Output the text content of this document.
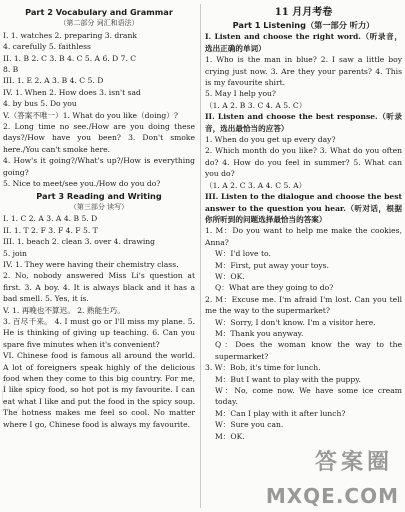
Part 2 Vocabulary and Grammar
（第二部分 词汇和语法）
I. 1. watches 2. preparing 3. drank
4. carefully 5. faithless
II. 1. B 2. C 3. B 4. C 5. A 6. D 7. C
8. B
III. 1. E 2. A 3. B 4. C 5. D
IV. 1. When 2. How does 3. isn't sad
4. by bus 5. Do you
V.（答案不唯一）1. What do you like（doing）?
2. Long time no see./How are you doing these days?/How have you been? 3. Don't smoke here./You can't smoke here.
4. How's it going?/What's up?/How is everything going?
5. Nice to meet/see you./How do you do?
Part 3 Reading and Writing
（第三部分 读写）
I. 1. C 2. A 3. A 4. B 5. D
II. 1. T 2. F 3. F 4. F 5. T
III. 1. beach 2. clean 3. over 4. drawing
5. join
IV. 1. They were having their chemistry class.
2. No, nobody answered Miss Li's question at first. 3. A boy. 4. It is always black and it has a bad smell. 5. Yes, it is.
V. 1. 再晚也不算迟。 2. 熟能生巧。
3. 百尽千来。 4. I must go or I'll miss my plane. 5. He is thinking of giving up teaching. 6. Can you spare five minutes when it's convenient?
VI. Chinese food is famous all around the world. A lot of foreigners speak highly of the delicious food when they come to this big country. For me, I like spicy food, so hot pot is my favourite. I can eat what I like and put the food in the spicy soup. The hotness makes me feel so cool. No matter where I go, Chinese food is always my favourite.
11 月月考卷
Part 1 Listening（第一部分 听力）
I. Listen and choose the right word.（听录音，选出正确的单词）
1. Who is the man in blue? 2. I saw a little boy crying just now. 3. Are they your parents? 4. This is my favourite shirt.
5. May I help you?
（1. A 2. B 3. C 4. A 5. C）
II. Listen and choose the best response.（听录音，选出最恰当的应答）
1. When do you get up every day?
2. Which month do you like? 3. What do you often do? 4. How do you feel in summer? 5. What can you do?
（1. A 2. C 3. A 4. C 5. A）
III. Listen to the dialogue and choose the best answer to the question you hear.（听对话，根据你所听到的问题选择最恰当的答案）
1. M：Do you want to help me make the cookies, Anna?
W：I'd love to.
M：First, put away your toys.
W：OK.
Q：What are they going to do?
2. M：Excuse me. I'm afraid I'm lost. Can you tell me the way to the supermarket?
W：Sorry, I don't know. I'm a visitor here.
M：Thank you anyway.
Q：Does the woman know the way to the supermarket?
3. W：Bob, it's time for lunch.
M：But I want to play with the puppy.
W：No, come now. We have some ice cream today.
M：Can I play with it after lunch?
W：Sure you can.
M：OK.
答案圈
MXQE.COM
